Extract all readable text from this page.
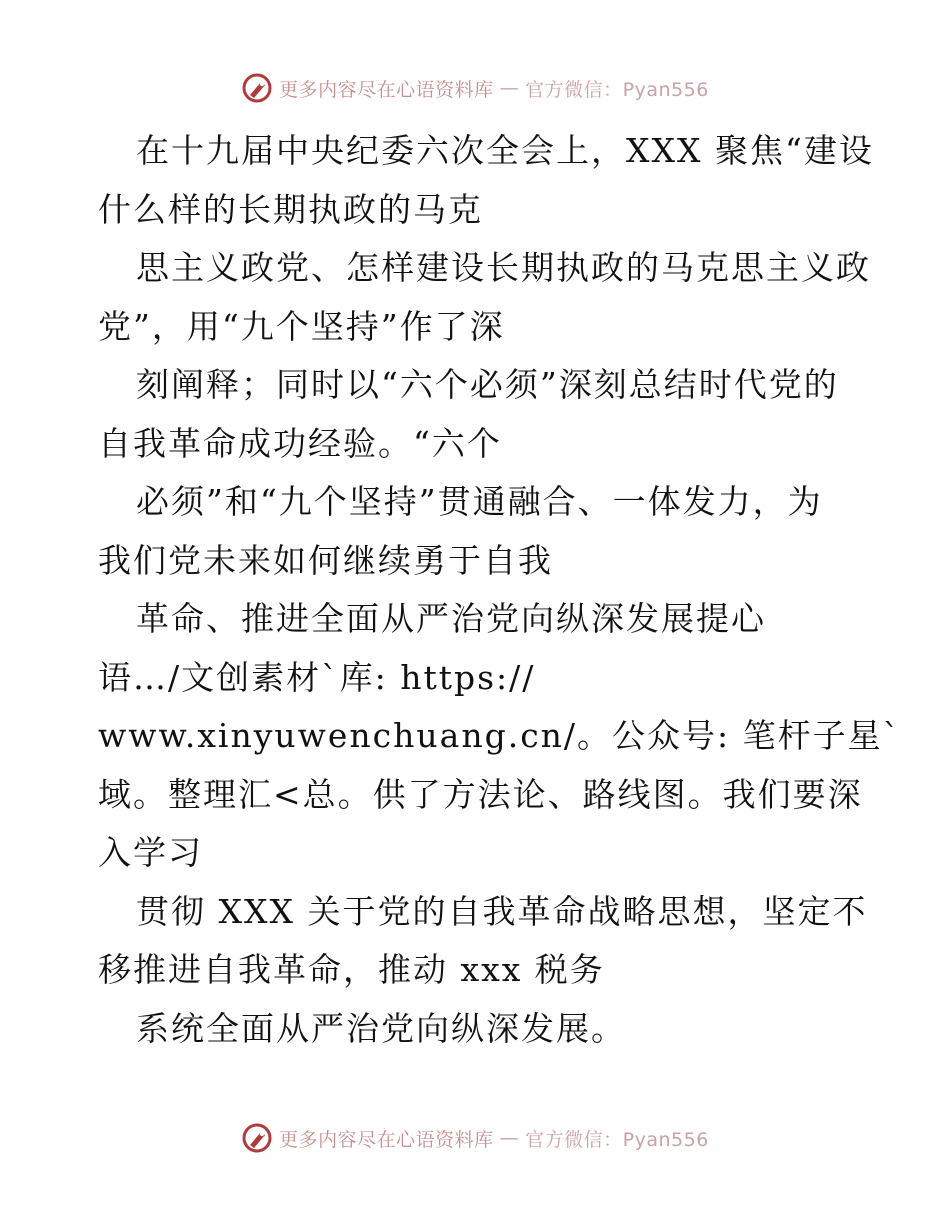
更多内容尽在心语资料库 — 官方微信：Pyan556
在十九届中央纪委六次全会上，XXX 聚焦“建设
什么样的长期执政的马克
思主义政党、怎样建设长期执政的马克思主义政
党”，用“九个坚持”作了深
刻阐释；同时以“六个必须”深刻总结时代党的
自我革命成功经验。“六个
必须”和“九个坚持”贯通融合、一体发力，为
我们党未来如何继续勇于自我
革命、推进全面从严治党向纵深发展提心
语…/文创素材`库: https://
www.xinyuwenchuang.cn/。公众号: 笔杆子星`
域。整理汇<总。供了方法论、路线图。我们要深
入学习
贯彻 XXX 关于党的自我革命战略思想，坚定不
移推进自我革命，推动 xxx 税务
系统全面从严治党向纵深发展。
更多内容尽在心语资料库 — 官方微信：Pyan556
